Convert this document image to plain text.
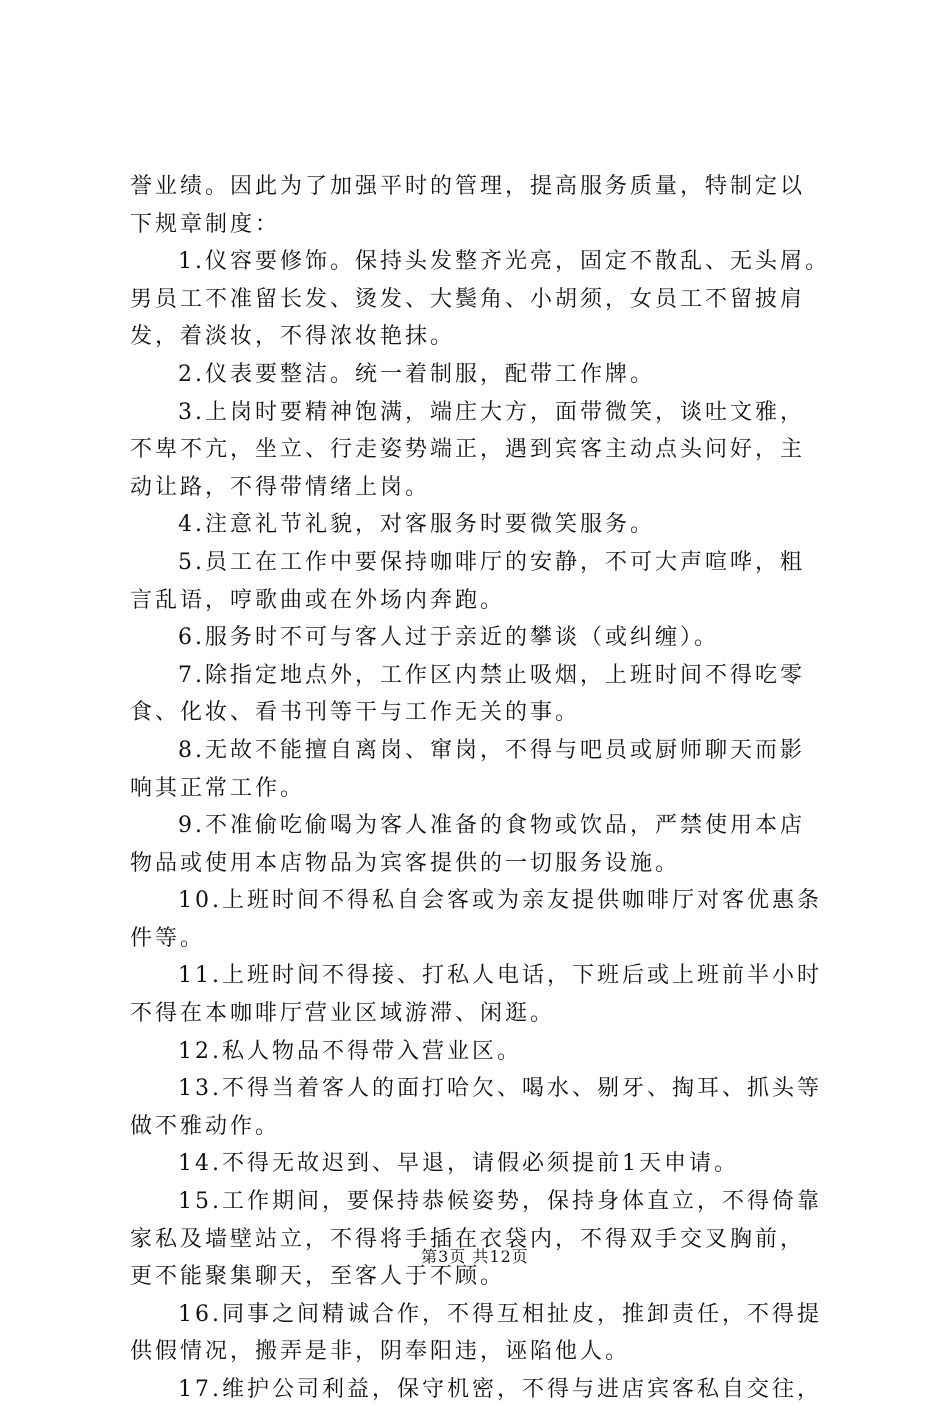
誉业绩。因此为了加强平时的管理，提高服务质量，特制定以
下规章制度：
1.仪容要修饰。保持头发整齐光亮，固定不散乱、无头屑。
男员工不准留长发、烫发、大鬓角、小胡须，女员工不留披肩
发，着淡妆，不得浓妆艳抹。
2.仪表要整洁。统一着制服，配带工作牌。
3.上岗时要精神饱满，端庄大方，面带微笑，谈吐文雅，
不卑不亢，坐立、行走姿势端正，遇到宾客主动点头问好，主
动让路，不得带情绪上岗。
4.注意礼节礼貌，对客服务时要微笑服务。
5.员工在工作中要保持咖啡厅的安静，不可大声喧哗，粗
言乱语，哼歌曲或在外场内奔跑。
6.服务时不可与客人过于亲近的攀谈（或纠缠）。
7.除指定地点外，工作区内禁止吸烟，上班时间不得吃零
食、化妆、看书刊等干与工作无关的事。
8.无故不能擅自离岗、窜岗，不得与吧员或厨师聊天而影
响其正常工作。
9.不准偷吃偷喝为客人准备的食物或饮品，严禁使用本店
物品或使用本店物品为宾客提供的一切服务设施。
10.上班时间不得私自会客或为亲友提供咖啡厅对客优惠条
件等。
11.上班时间不得接、打私人电话，下班后或上班前半小时
不得在本咖啡厅营业区域游滞、闲逛。
12.私人物品不得带入营业区。
13.不得当着客人的面打哈欠、喝水、剔牙、掏耳、抓头等
做不雅动作。
14.不得无故迟到、早退，请假必须提前1天申请。
15.工作期间，要保持恭候姿势，保持身体直立，不得倚靠
家私及墙壁站立，不得将手插在衣袋内，不得双手交叉胸前，
更不能聚集聊天，至客人于不顾。
16.同事之间精诚合作，不得互相扯皮，推卸责任，不得提
供假情况，搬弄是非，阴奉阳违，诬陷他人。
17.维护公司利益，保守机密，不得与进店宾客私自交往，
第3页 共12页
